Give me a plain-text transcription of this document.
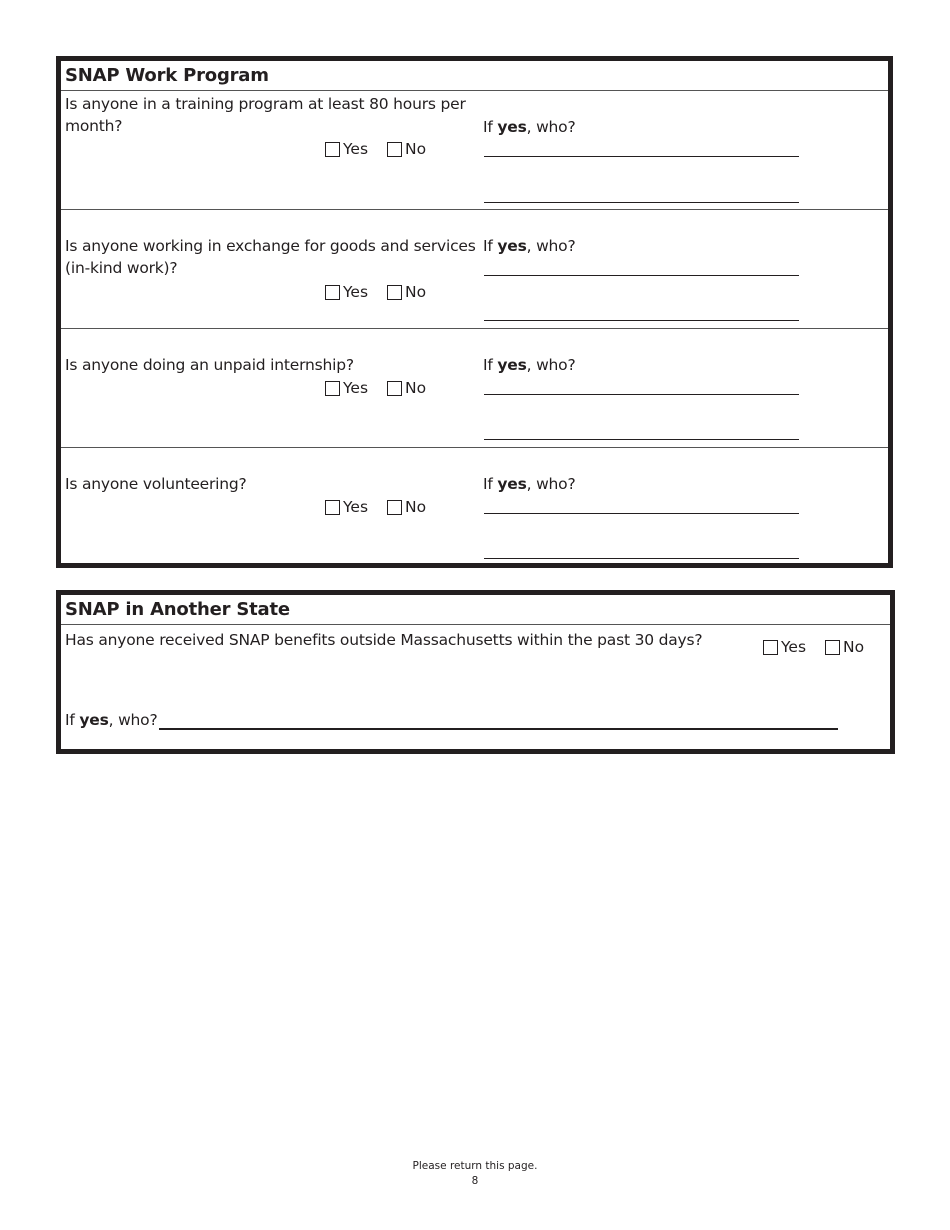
SNAP Work Program
Is anyone in a training program at least 80 hours per month?
Yes No
If yes, who?
Is anyone working in exchange for goods and services (in-kind work)?
Yes No
If yes, who?
Is anyone doing an unpaid internship?
Yes No
If yes, who?
Is anyone volunteering?
Yes No
If yes, who?
SNAP in Another State
Has anyone received SNAP benefits outside Massachusetts within the past 30 days?	Yes No
If yes, who?
Please return this page.
8
